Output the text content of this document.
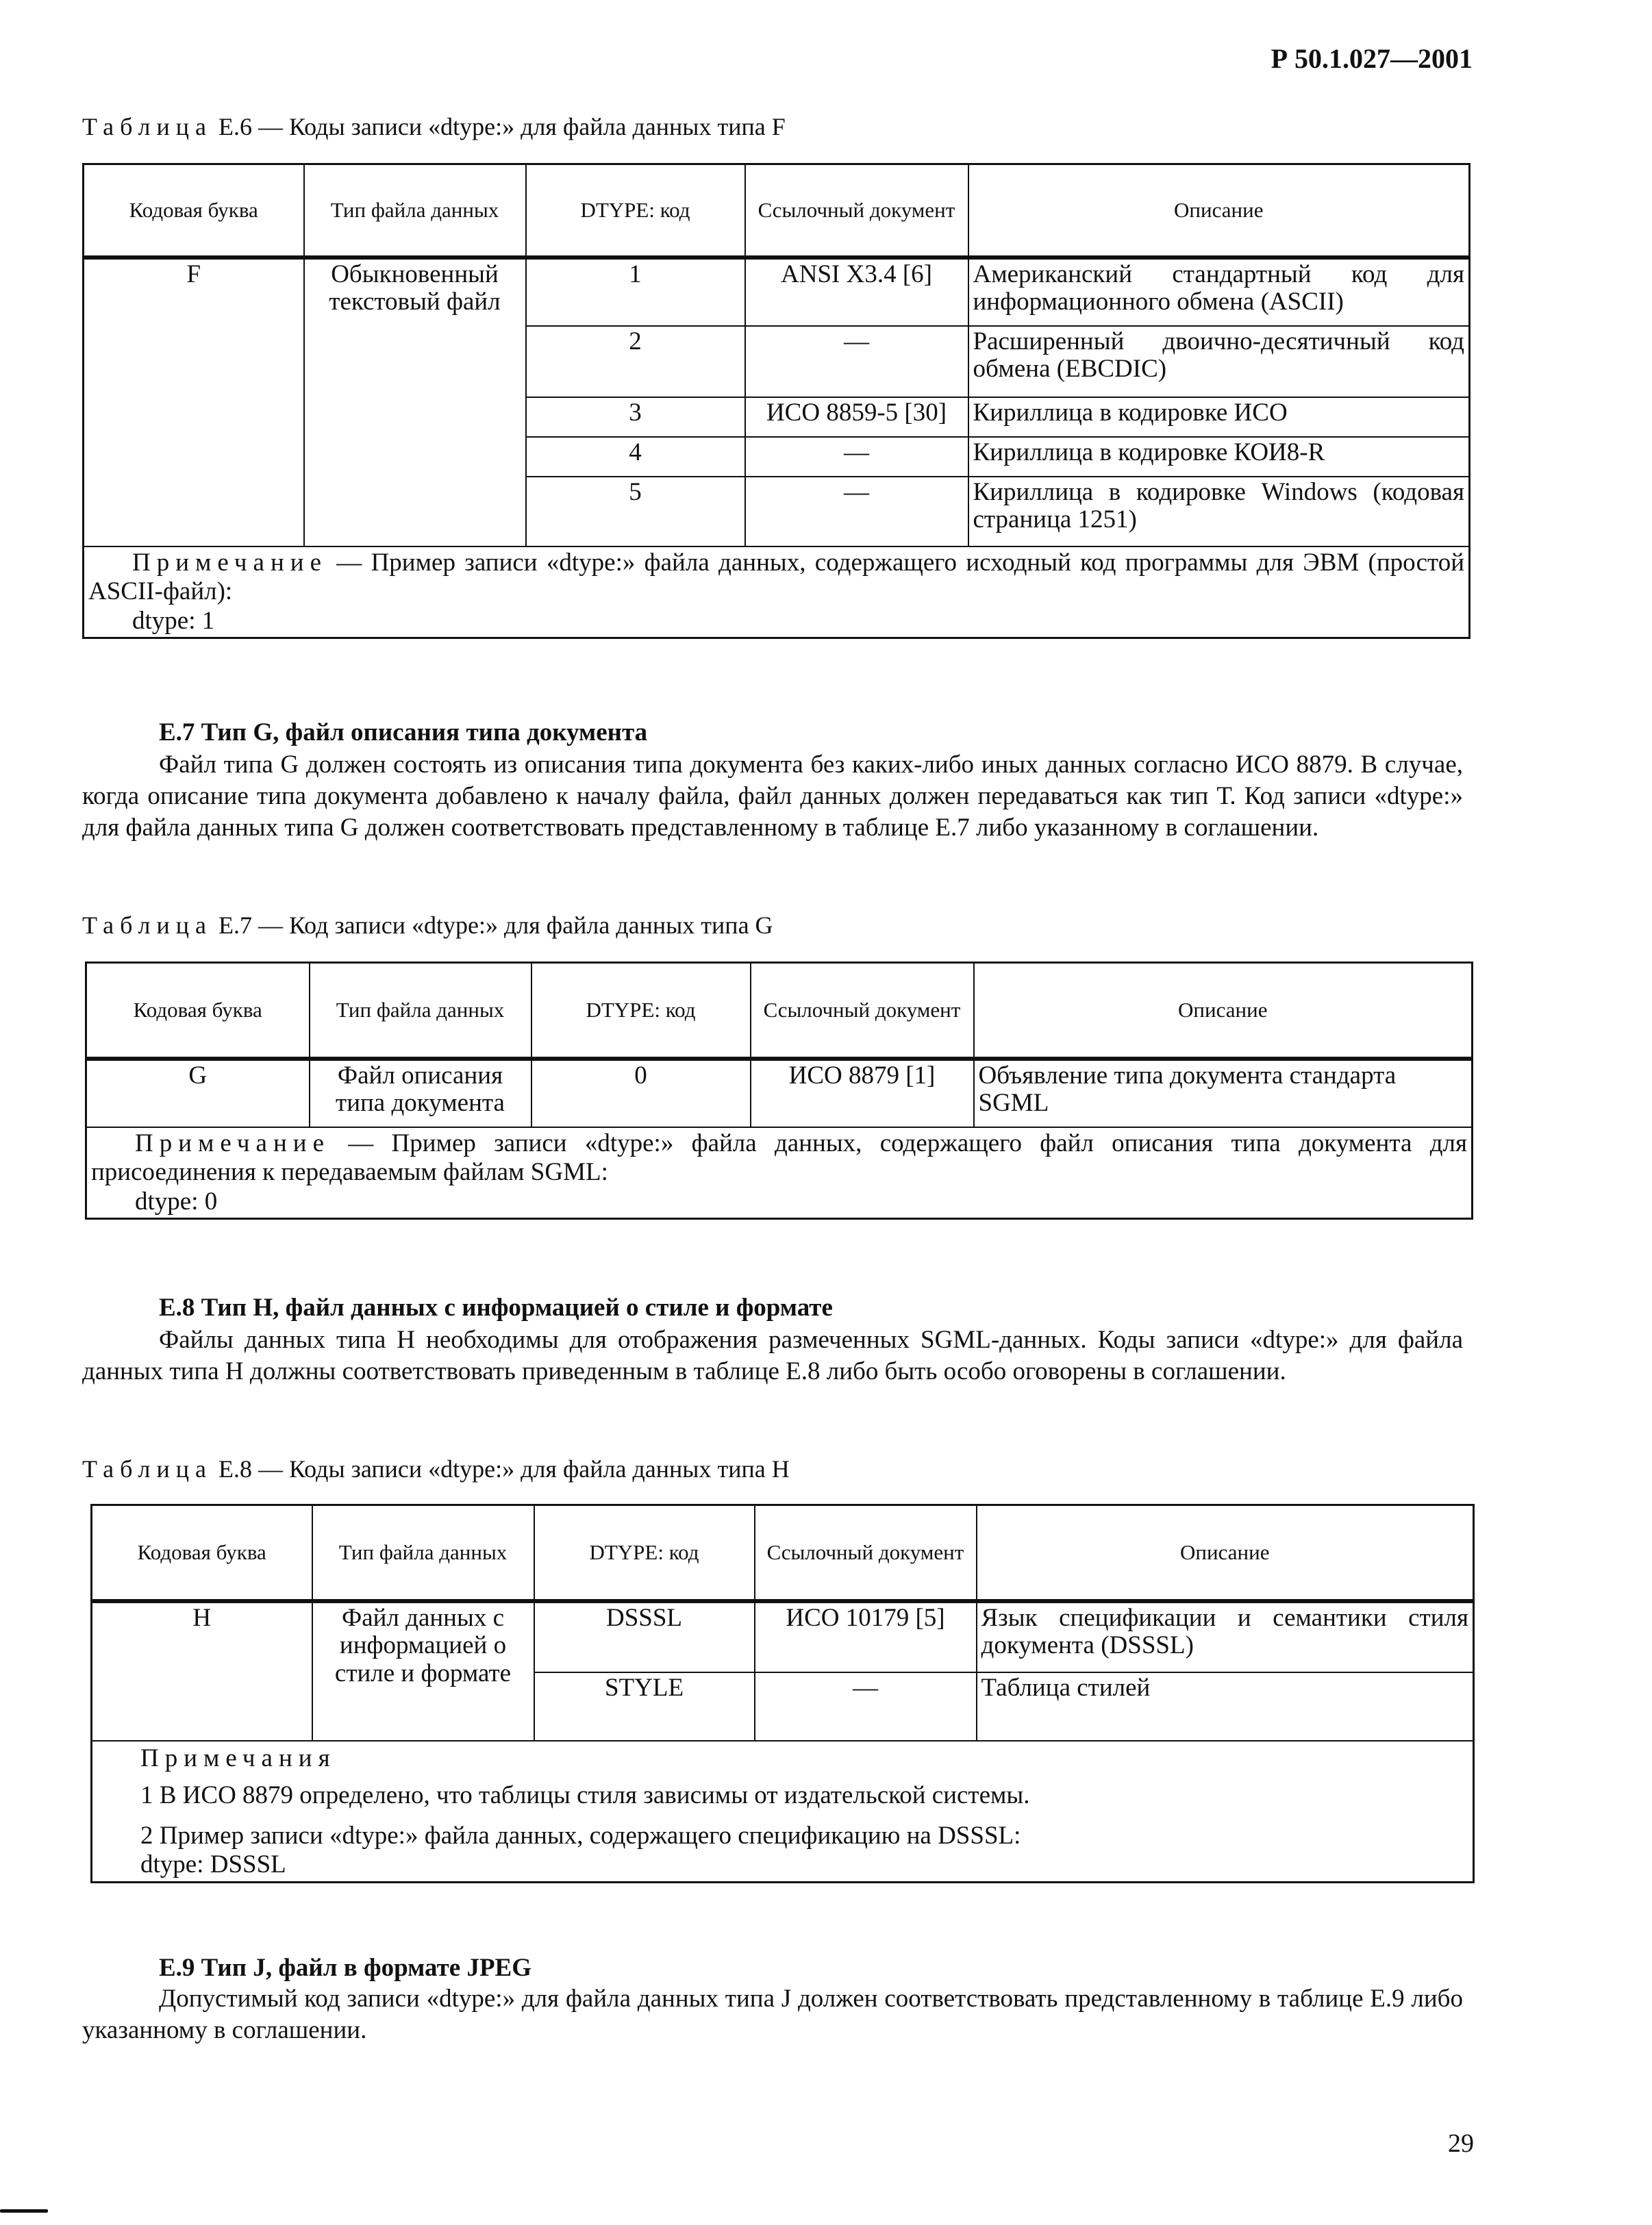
Р 50.1.027—2001
Таблица Е.6 — Коды записи «dtype:» для файла данных типа F
Кодовая буква	Тип файла данных	DTYPE: код	Ссылочный документ	Описание
F	Обыкновенный текстовый файл	1	ANSI X3.4 [6]	Американский стандартный код для информационного обмена (ASCII)
		2	—	Расширенный двоично-десятичный код обмена (EBCDIC)
		3	ИСО 8859-5 [30]	Кириллица в кодировке ИСО
		4	—	Кириллица в кодировке КОИ8-R
		5	—	Кириллица в кодировке Windows (кодовая страница 1251)

Примечание — Пример записи «dtype:» файла данных, содержащего исходный код программы для ЭВМ (простой ASCII-файл):
dtype: 1				
Е.7 Тип G, файл описания типа документа
Файл типа G должен состоять из описания типа документа без каких-либо иных данных согласно ИСО 8879. В случае, когда описание типа документа добавлено к началу файла, файл данных должен передаваться как тип Т. Код записи «dtype:» для файла данных типа G должен соответствовать представленному в таблице Е.7 либо указанному в соглашении.
Таблица Е.7 — Код записи «dtype:» для файла данных типа G
Кодовая буква	Тип файла данных	DTYPE: код	Ссылочный документ	Описание
G	Файл описания типа документа	0	ИСО 8879 [1]	Объявление типа документа стандарта SGML

Примечание — Пример записи «dtype:» файла данных, содержащего файл описания типа документа для присоединения к передаваемым файлам SGML:
dtype: 0				
Е.8 Тип Н, файл данных с информацией о стиле и формате
Файлы данных типа Н необходимы для отображения размеченных SGML-данных. Коды записи «dtype:» для файла данных типа Н должны соответствовать приведенным в таблице Е.8 либо быть особо оговорены в соглашении.
Таблица Е.8 — Коды записи «dtype:» для файла данных типа Н
Кодовая буква	Тип файла данных	DTYPE: код	Ссылочный документ	Описание
Н	Файл данных с информацией о стиле и формате	DSSSL	ИСО 10179 [5]	Язык спецификации и семантики стиля документа (DSSSL)
		STYLE	—	Таблица стилей

Примечания
1 В ИСО 8879 определено, что таблицы стиля зависимы от издательской системы.
2 Пример записи «dtype:» файла данных, содержащего спецификацию на DSSSL:
dtype: DSSSL				
Е.9 Тип J, файл в формате JPEG
Допустимый код записи «dtype:» для файла данных типа J должен соответствовать представленному в таблице Е.9 либо указанному в соглашении.
29
